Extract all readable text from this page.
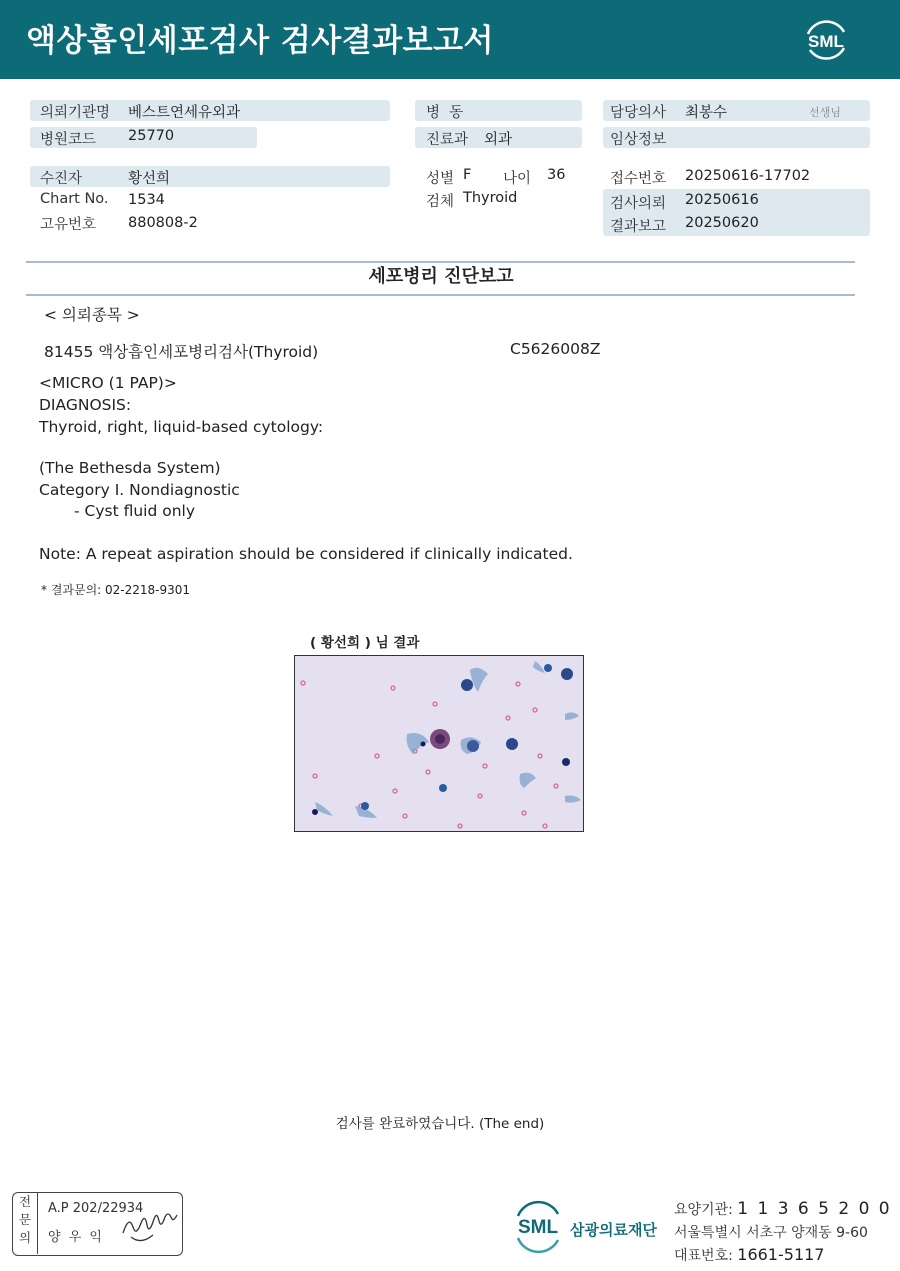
액상흡인세포검사 검사결과보고서	SML
의뢰기관명 베스트연세유외과
병원코드 25770
수진자	황선희
Chart No. 1534
고유번호 880808-2
병  동
진료과 외과
성별 F 나이 36
검체 Thyroid
담당의사 최봉수	선생님
임상정보
접수번호 20250616-17702
검사의뢰 20250616
결과보고 20250620
세포병리 진단보고
< 의뢰종목 >
81455 액상흡인세포병리검사(Thyroid)	C5626008Z
<MICRO (1 PAP)>
DIAGNOSIS:
Thyroid, right, liquid-based cytology:
(The Bethesda System)
Category I. Nondiagnostic
- Cyst fluid only
Note: A repeat aspiration should be considered if clinically indicated.
* 결과문의: 02-2218-9301
( 황선희 ) 님 결과
검사를 완료하였습니다. (The end)
전
문
의
A.P 202/22934
양 우 익	SML 삼광의료재단
요양기관: 1 1 3 6 5 2 0 0
서울특별시 서초구 양재동 9-60
대표번호: 1661-5117
